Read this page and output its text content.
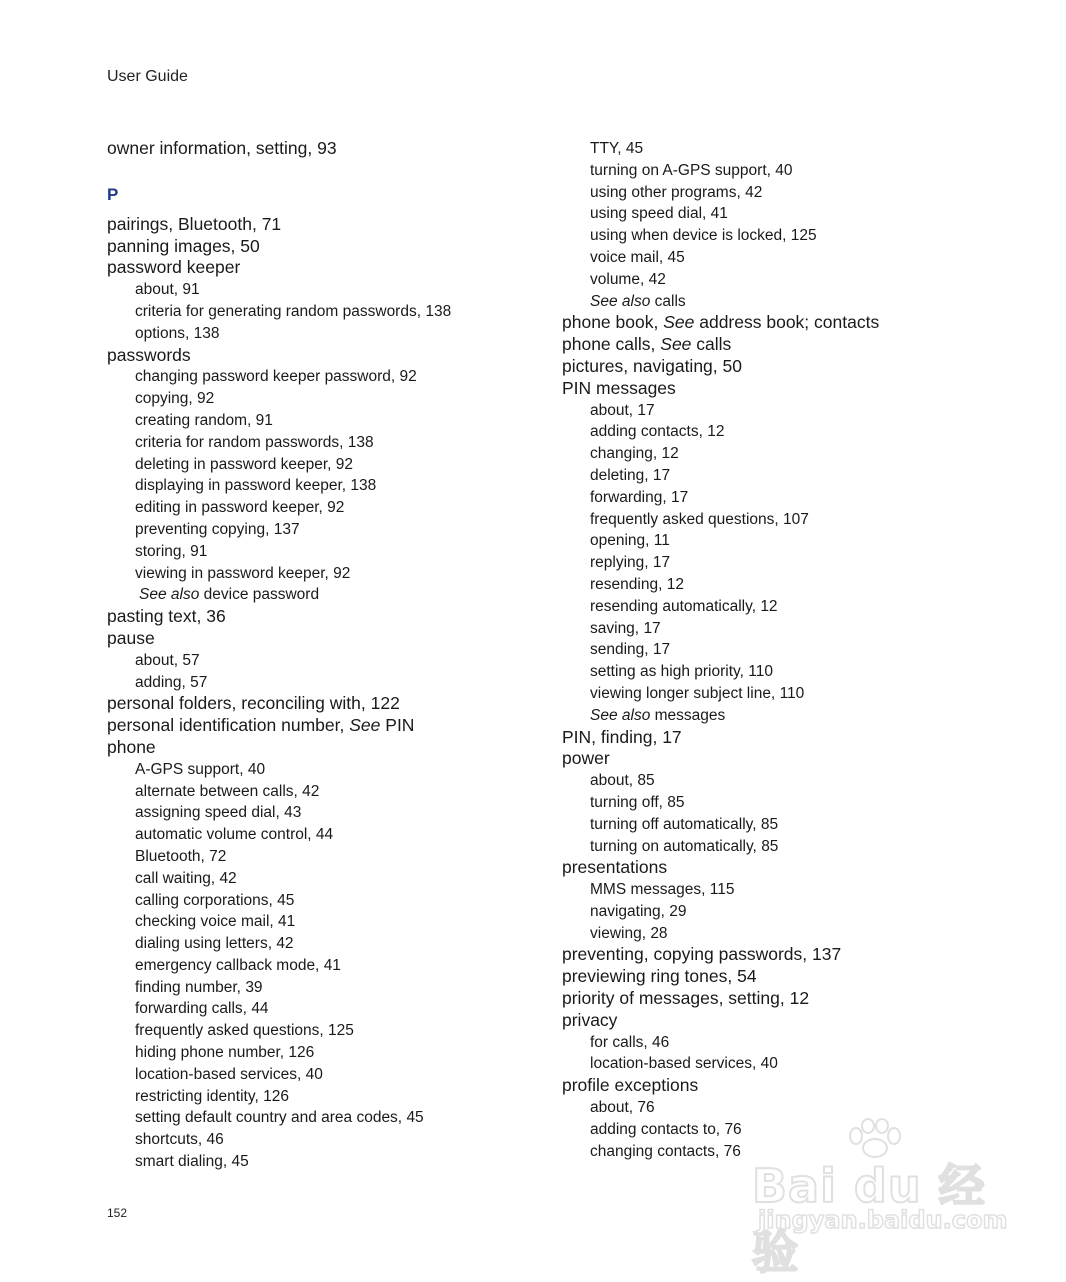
User Guide
owner information, setting, 93
P
pairings, Bluetooth, 71
panning images, 50
password keeper
about, 91
criteria for generating random passwords, 138
options, 138
passwords
changing password keeper password, 92
copying, 92
creating random, 91
criteria for random passwords, 138
deleting in password keeper, 92
displaying in password keeper, 138
editing in password keeper, 92
preventing copying, 137
storing, 91
viewing in password keeper, 92
See also device password
pasting text, 36
pause
about, 57
adding, 57
personal folders, reconciling with, 122
personal identification number, See PIN
phone
A-GPS support, 40
alternate between calls, 42
assigning speed dial, 43
automatic volume control, 44
Bluetooth, 72
call waiting, 42
calling corporations, 45
checking voice mail, 41
dialing using letters, 42
emergency callback mode, 41
finding number, 39
forwarding calls, 44
frequently asked questions, 125
hiding phone number, 126
location-based services, 40
restricting identity, 126
setting default country and area codes, 45
shortcuts, 46
smart dialing, 45
TTY, 45
turning on A-GPS support, 40
using other programs, 42
using speed dial, 41
using when device is locked, 125
voice mail, 45
volume, 42
See also calls
phone book, See address book; contacts
phone calls, See calls
pictures, navigating, 50
PIN messages
about, 17
adding contacts, 12
changing, 12
deleting, 17
forwarding, 17
frequently asked questions, 107
opening, 11
replying, 17
resending, 12
resending automatically, 12
saving, 17
sending, 17
setting as high priority, 110
viewing longer subject line, 110
See also messages
PIN, finding, 17
power
about, 85
turning off, 85
turning off automatically, 85
turning on automatically, 85
presentations
MMS messages, 115
navigating, 29
viewing, 28
preventing, copying passwords, 137
previewing ring tones, 54
priority of messages, setting, 12
privacy
for calls, 46
location-based services, 40
profile exceptions
about, 76
adding contacts to, 76
changing contacts, 76
152	Bai du 经验
jingyan.baidu.com
